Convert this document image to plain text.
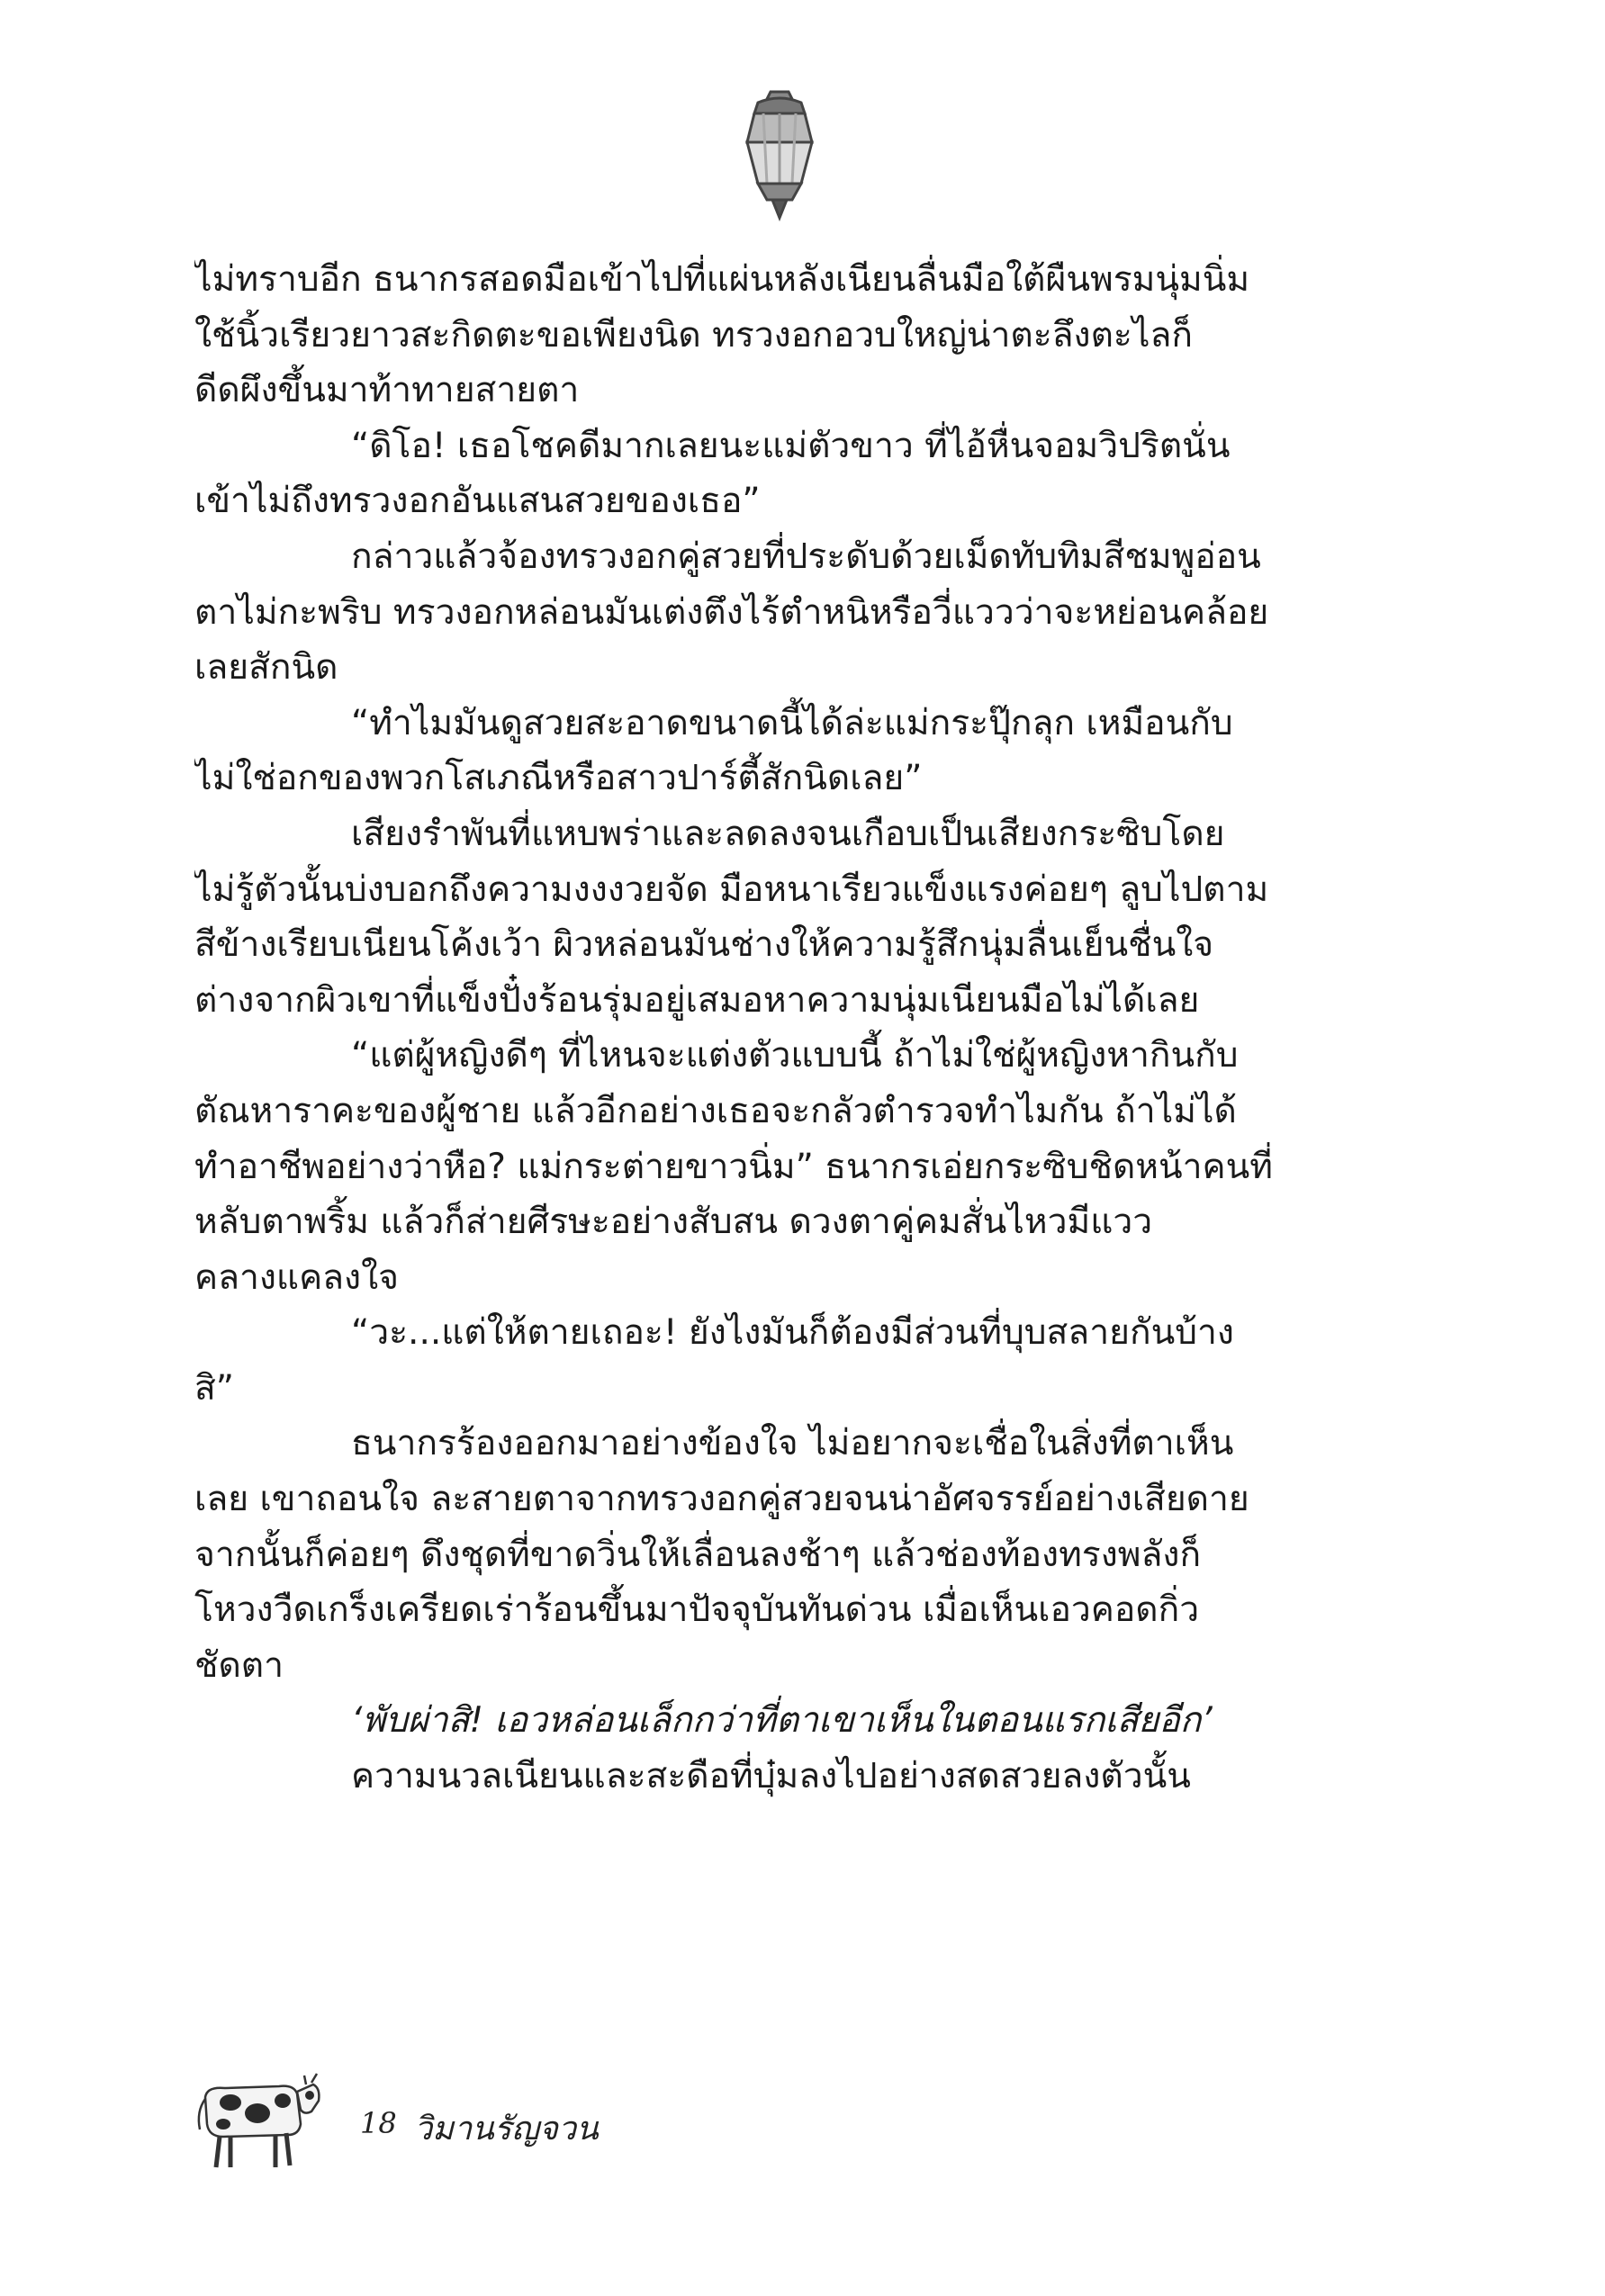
ไม่ทราบอีก ธนากรสอดมือเข้าไปที่แผ่นหลังเนียนลื่นมือใต้ผืนพรมนุ่มนิ่ม
ใช้นิ้วเรียวยาวสะกิดตะขอเพียงนิด ทรวงอกอวบใหญ่น่าตะลึงตะไลก็
ดีดผึงขึ้นมาท้าทายสายตา
“ดิโอ! เธอโชคดีมากเลยนะแม่ตัวขาว ที่ไอ้หื่นจอมวิปริตนั่น
เข้าไม่ถึงทรวงอกอันแสนสวยของเธอ”
กล่าวแล้วจ้องทรวงอกคู่สวยที่ประดับด้วยเม็ดทับทิมสีชมพูอ่อน
ตาไม่กะพริบ ทรวงอกหล่อนมันเต่งตึงไร้ตำหนิหรือวี่แววว่าจะหย่อนคล้อย
เลยสักนิด
“ทำไมมันดูสวยสะอาดขนาดนี้ได้ล่ะแม่กระปุ๊กลุก เหมือนกับ
ไม่ใช่อกของพวกโสเภณีหรือสาวปาร์ตี้สักนิดเลย”
เสียงรำพันที่แหบพร่าและลดลงจนเกือบเป็นเสียงกระซิบโดย
ไม่รู้ตัวนั้นบ่งบอกถึงความงงงวยจัด มือหนาเรียวแข็งแรงค่อยๆ ลูบไปตาม
สีข้างเรียบเนียนโค้งเว้า ผิวหล่อนมันช่างให้ความรู้สึกนุ่มลื่นเย็นชื่นใจ
ต่างจากผิวเขาที่แข็งปั๋งร้อนรุ่มอยู่เสมอหาความนุ่มเนียนมือไม่ได้เลย
“แต่ผู้หญิงดีๆ ที่ไหนจะแต่งตัวแบบนี้ ถ้าไม่ใช่ผู้หญิงหากินกับ
ตัณหาราคะของผู้ชาย แล้วอีกอย่างเธอจะกลัวตำรวจทำไมกัน ถ้าไม่ได้
ทำอาชีพอย่างว่าหือ? แม่กระต่ายขาวนิ่ม” ธนากรเอ่ยกระซิบชิดหน้าคนที่
หลับตาพริ้ม แล้วก็ส่ายศีรษะอย่างสับสน ดวงตาคู่คมสั่นไหวมีแวว
คลางแคลงใจ
“วะ...แต่ให้ตายเถอะ! ยังไงมันก็ต้องมีส่วนที่บุบสลายกันบ้าง
สิ”
ธนากรร้องออกมาอย่างข้องใจ ไม่อยากจะเชื่อในสิ่งที่ตาเห็น
เลย เขาถอนใจ ละสายตาจากทรวงอกคู่สวยจนน่าอัศจรรย์อย่างเสียดาย
จากนั้นก็ค่อยๆ ดึงชุดที่ขาดวิ่นให้เลื่อนลงช้าๆ แล้วช่องท้องทรงพลังก็
โหวงวืดเกร็งเครียดเร่าร้อนขึ้นมาปัจจุบันทันด่วน เมื่อเห็นเอวคอดกิ่ว
ชัดตา
‘พับผ่าสิ! เอวหล่อนเล็กกว่าที่ตาเขาเห็นในตอนแรกเสียอีก’
ความนวลเนียนและสะดือที่บุ๋มลงไปอย่างสดสวยลงตัวนั้น
18 วิมานรัญจวน
